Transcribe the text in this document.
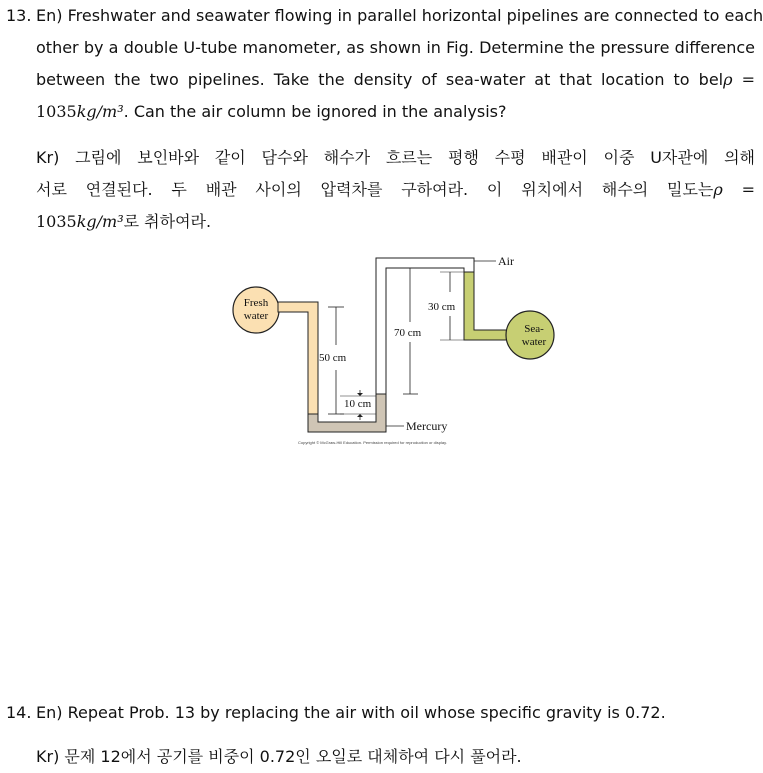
13. En) Freshwater and seawater flowing in parallel horizontal pipelines are connected to each
other by a double U-tube manometer, as shown in Fig. Determine the pressure difference
between the two pipelines. Take the density of sea-water at that location to belρ =
1035kg/m³. Can the air column be ignored in the analysis?
Kr) 그림에 보인바와 같이 담수와 해수가 흐르는 평행 수평 배관이 이중 U자관에 의해
서로 연결된다. 두 배관 사이의 압력차를 구하여라. 이 위치에서 해수의 밀도는ρ =
1035kg/m³로 취하여라.
Fresh
water
50 cm
10 cm
70 cm
30 cm
Air
Sea-
water
Mercury
Copyright © McGraw-Hill Education. Permission required for reproduction or display.
14. En) Repeat Prob. 13 by replacing the air with oil whose specific gravity is 0.72.
Kr) 문제 12에서 공기를 비중이 0.72인 오일로 대체하여 다시 풀어라.
